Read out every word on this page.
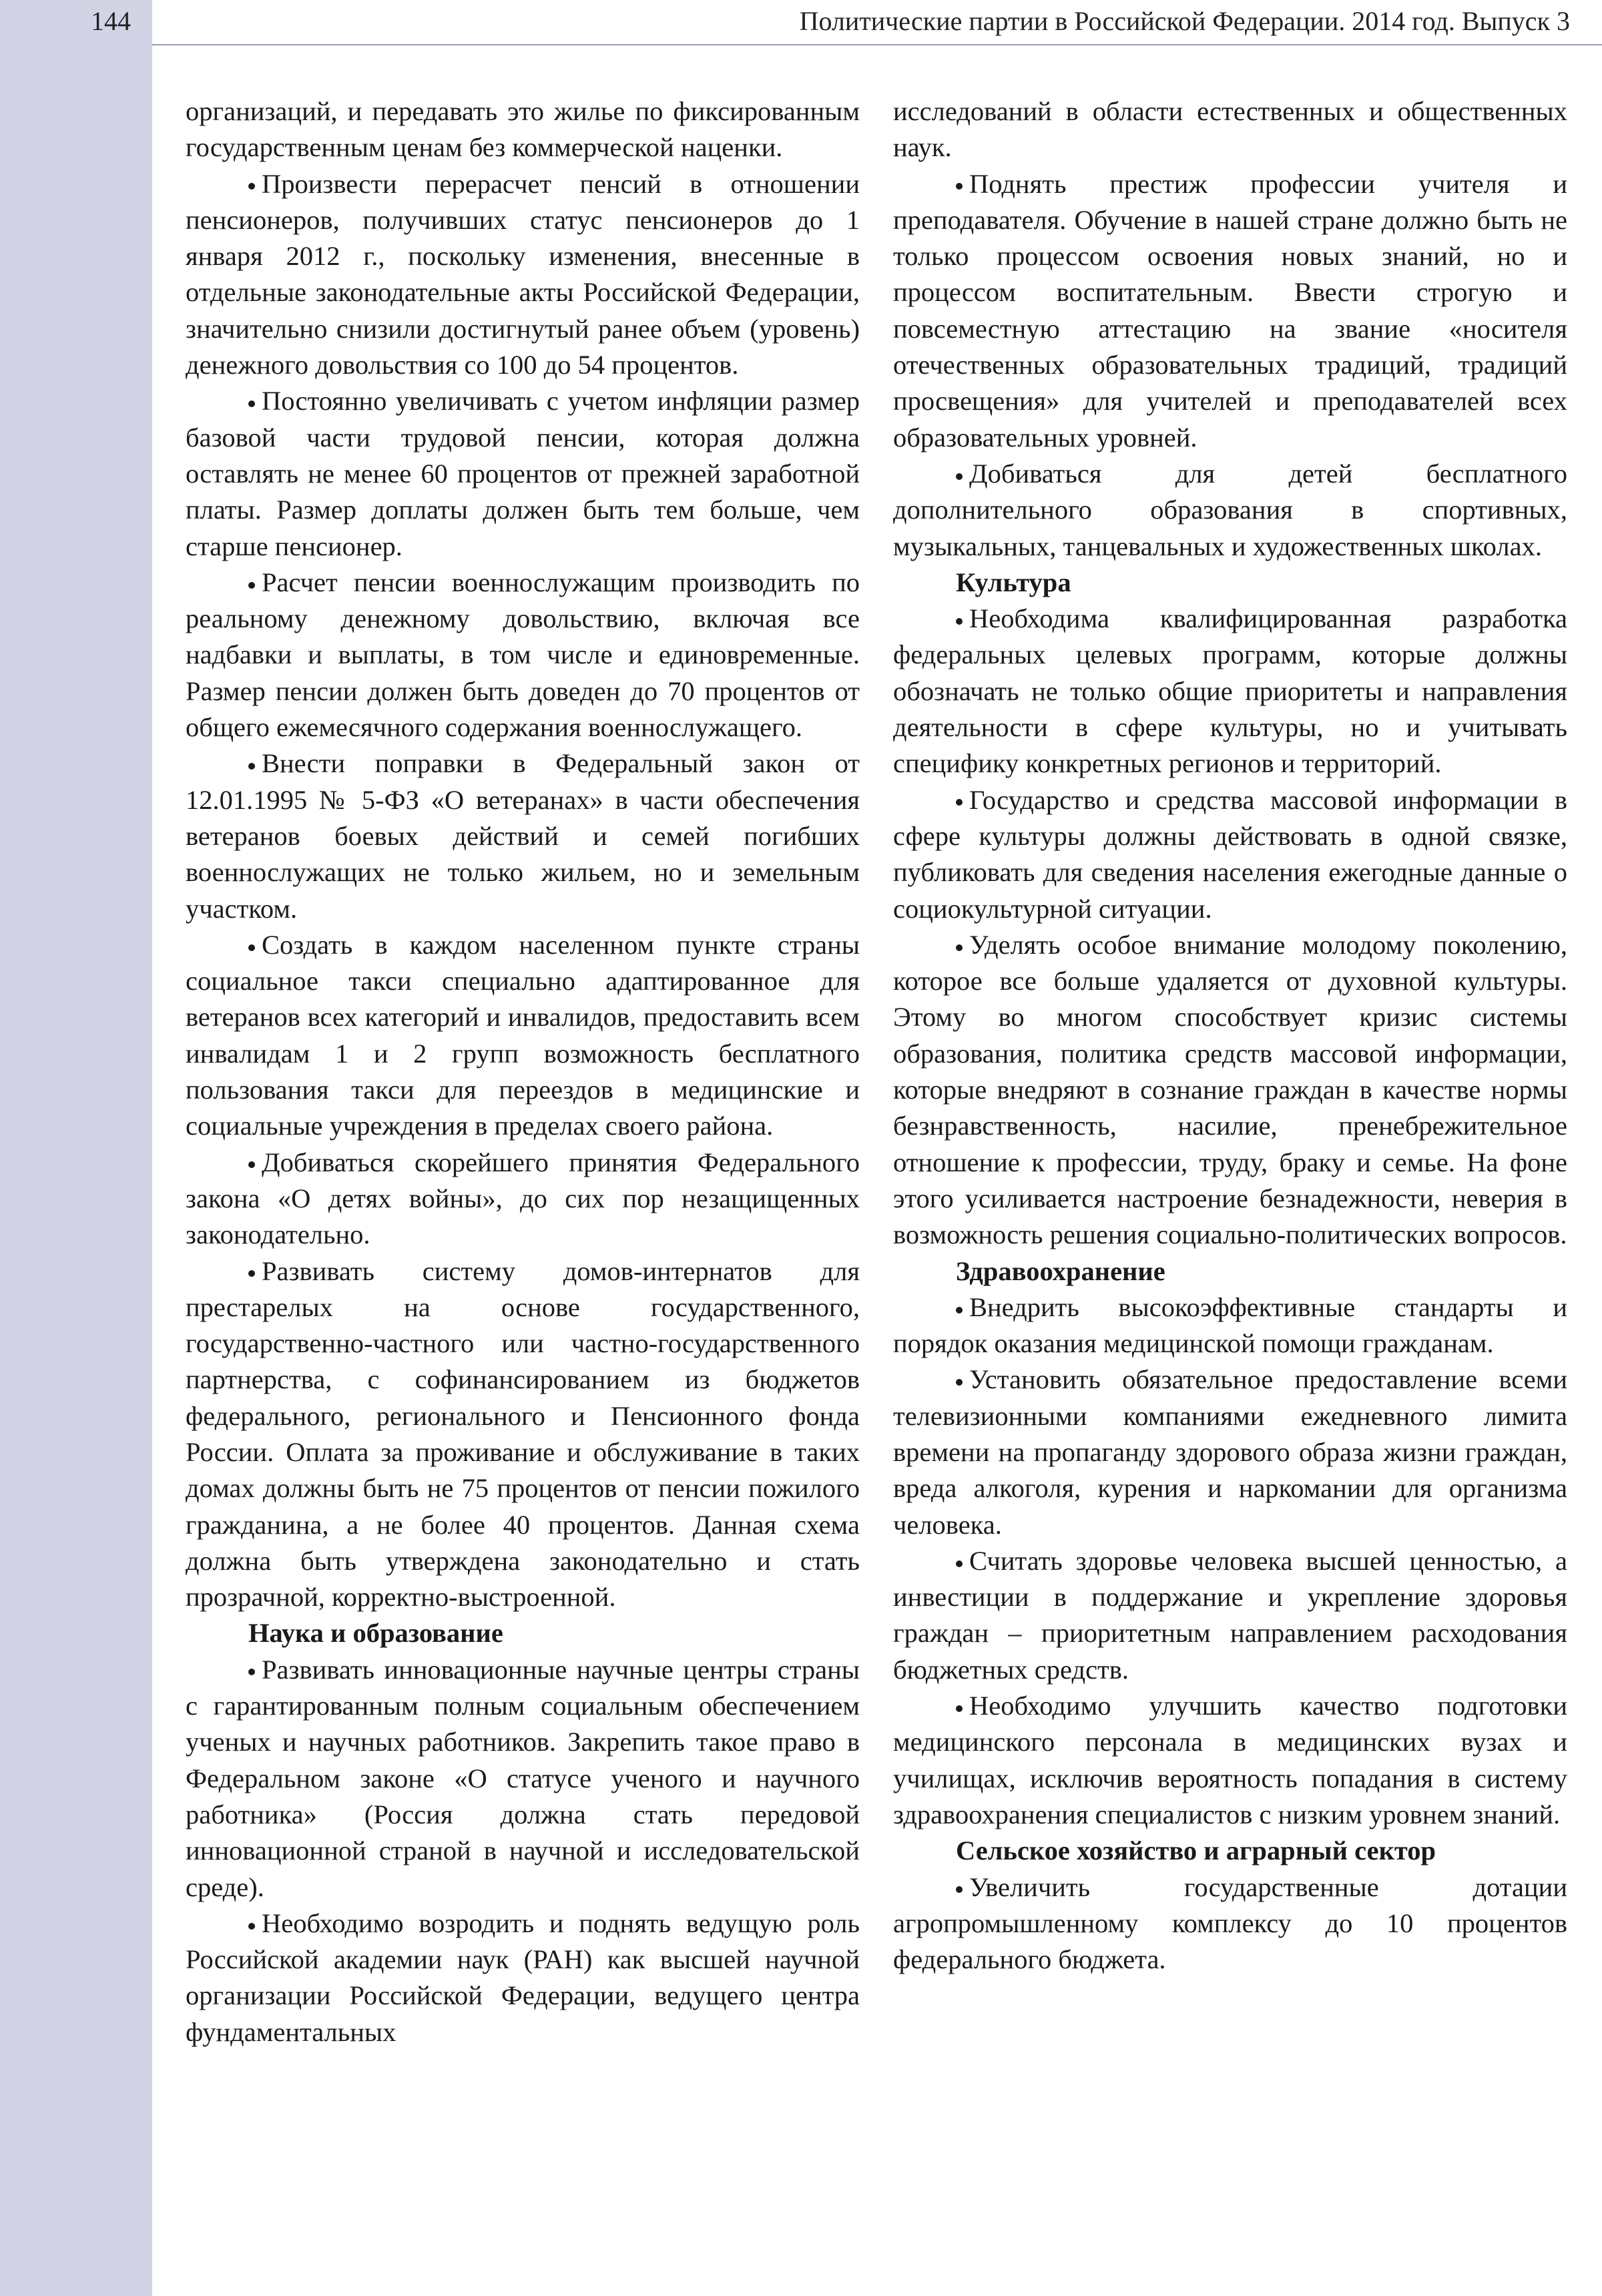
144	Политические партии в Российской Федерации. 2014 год. Выпуск 3

организаций, и передавать это жилье по фиксированным государственным ценам без коммерческой наценки.

Произвести перерасчет пенсий в отношении пенсионеров, получивших статус пенсионеров до 1 января 2012 г., поскольку изменения, внесенные в отдельные законодательные акты Российской Федерации, значительно снизили достигнутый ранее объем (уровень) денежного довольствия со 100 до 54 процентов.

Постоянно увеличивать с учетом инфляции размер базовой части трудовой пенсии, которая должна оставлять не менее 60 процентов от прежней заработной платы. Размер доплаты должен быть тем больше, чем старше пенсионер.

Расчет пенсии военнослужащим производить по реальному денежному довольствию, включая все надбавки и выплаты, в том числе и единовременные. Размер пенсии должен быть доведен до 70 процентов от общего ежемесячного содержания военнослужащего.

Внести поправки в Федеральный закон от 12.01.1995 № 5-ФЗ «О ветеранах» в части обеспечения ветеранов боевых действий и семей погибших военнослужащих не только жильем, но и земельным участком.

Создать в каждом населенном пункте страны социальное такси специально адаптированное для ветеранов всех категорий и инвалидов, предоставить всем инвалидам 1 и 2 групп возможность бесплатного пользования такси для переездов в медицинские и социальные учреждения в пределах своего района.

Добиваться скорейшего принятия Федерального закона «О детях войны», до сих пор незащищенных законодательно.

Развивать систему домов-интернатов для престарелых на основе государственного, государственно-частного или частно-государственного партнерства, с софинансированием из бюджетов федерального, регионального и Пенсионного фонда России. Оплата за проживание и обслуживание в таких домах должны быть не 75 процентов от пенсии пожилого гражданина, а не более 40 процентов. Данная схема должна быть утверждена законодательно и стать прозрачной, корректно-выстроенной.

Наука и образование

Развивать инновационные научные центры страны с гарантированным полным социальным обеспечением ученых и научных работников. Закрепить такое право в Федеральном законе «О статусе ученого и научного работника» (Россия должна стать передовой инновационной страной в научной и исследовательской среде).

Необходимо возродить и поднять ведущую роль Российской академии наук (РАН) как высшей научной организации Российской Федерации, ведущего центра фундаментальных

исследований в области естественных и общественных наук.

Поднять престиж профессии учителя и преподавателя. Обучение в нашей стране должно быть не только процессом освоения новых знаний, но и процессом воспитательным. Ввести строгую и повсеместную аттестацию на звание «носителя отечественных образовательных традиций, традиций просвещения» для учителей и преподавателей всех образовательных уровней.

Добиваться для детей бесплатного дополнительного образования в спортивных, музыкальных, танцевальных и художественных школах.

Культура

Необходима квалифицированная разработка федеральных целевых программ, которые должны обозначать не только общие приоритеты и направления деятельности в сфере культуры, но и учитывать специфику конкретных регионов и территорий.

Государство и средства массовой информации в сфере культуры должны действовать в одной связке, публиковать для сведения населения ежегодные данные о социокультурной ситуации.

Уделять особое внимание молодому поколению, которое все больше удаляется от духовной культуры. Этому во многом способствует кризис системы образования, политика средств массовой информации, которые внедряют в сознание граждан в качестве нормы безнравственность, насилие, пренебрежительное отношение к профессии, труду, браку и семье. На фоне этого усиливается настроение безнадежности, неверия в возможность решения социально-политических вопросов.

Здравоохранение

Внедрить высокоэффективные стандарты и порядок оказания медицинской помощи гражданам.

Установить обязательное предоставление всеми телевизионными компаниями ежедневного лимита времени на пропаганду здорового образа жизни граждан, вреда алкоголя, курения и наркомании для организма человека.

Считать здоровье человека высшей ценностью, а инвестиции в поддержание и укрепление здоровья граждан – приоритетным направлением расходования бюджетных средств.

Необходимо улучшить качество подготовки медицинского персонала в медицинских вузах и училищах, исключив вероятность попадания в систему здравоохранения специалистов с низким уровнем знаний.

Сельское хозяйство и аграрный сектор

Увеличить государственные дотации агропромышленному комплексу до 10 процентов федерального бюджета.
